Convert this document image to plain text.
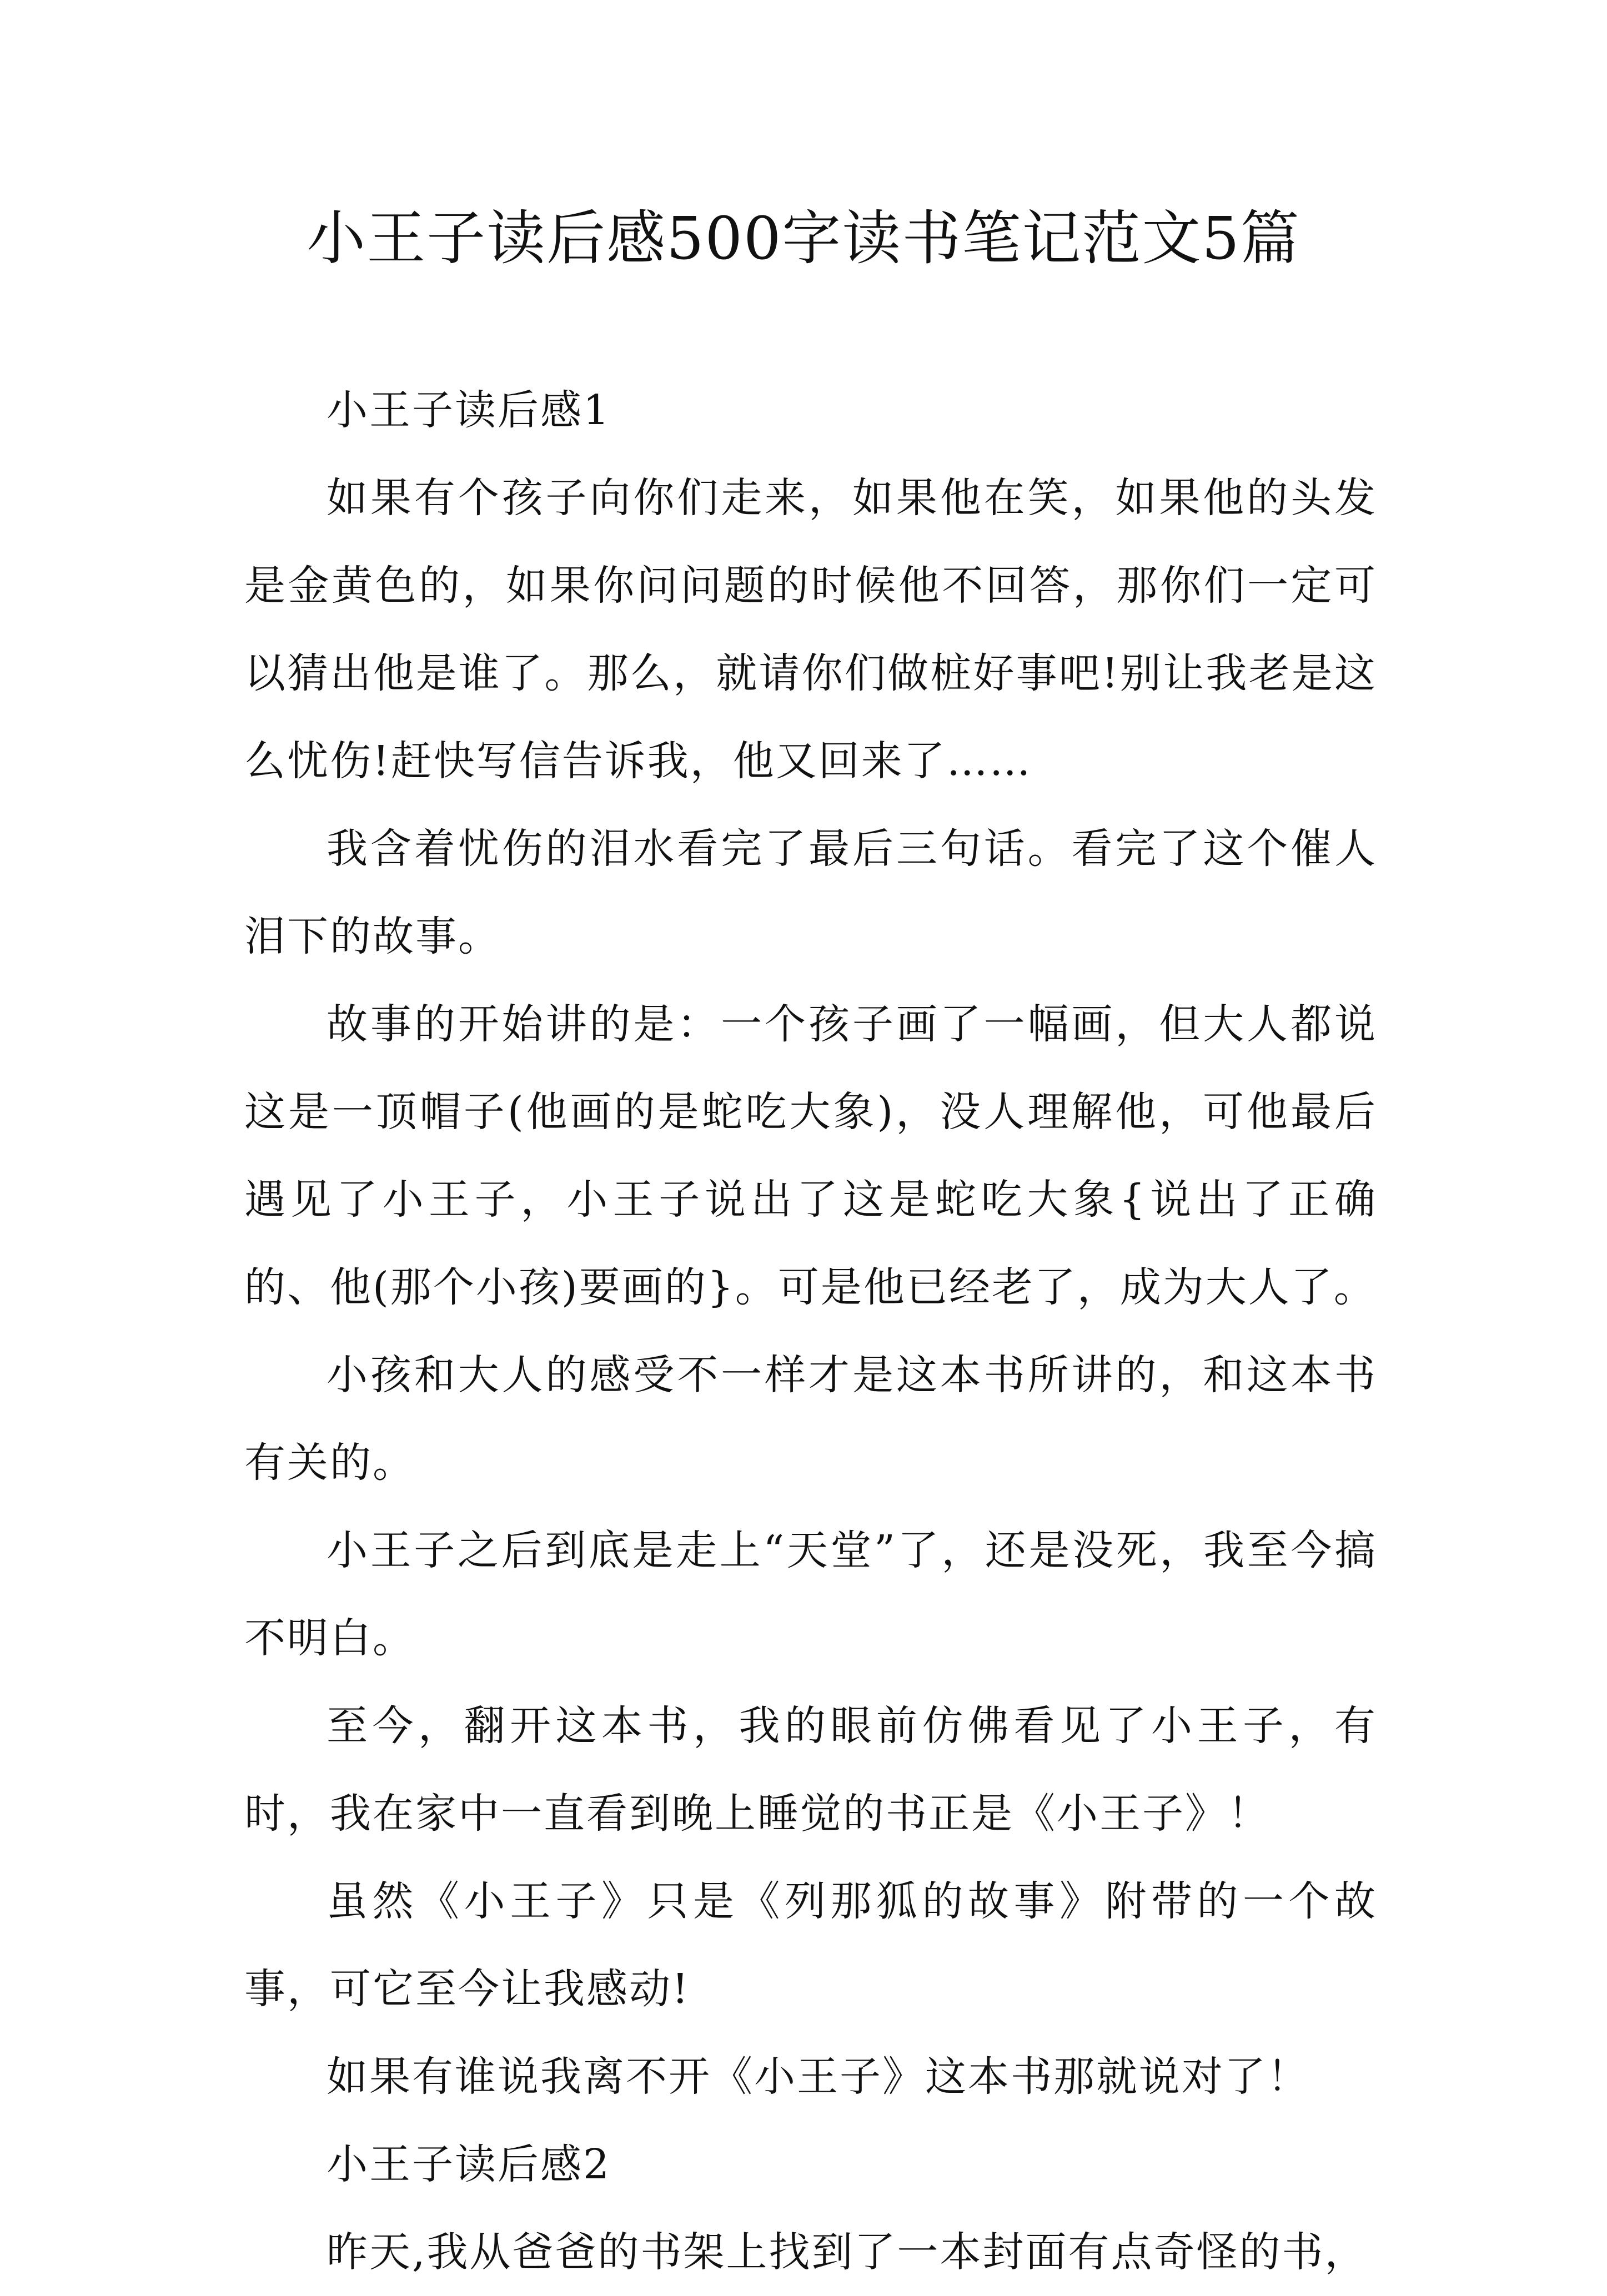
小王子读后感500字读书笔记范文5篇

小王子读后感1

如果有个孩子向你们走来，如果他在笑，如果他的头发是金黄色的，如果你问问题的时候他不回答，那你们一定可以猜出他是谁了。那么，就请你们做桩好事吧!别让我老是这么忧伤!赶快写信告诉我，他又回来了……

我含着忧伤的泪水看完了最后三句话。看完了这个催人泪下的故事。

故事的开始讲的是：一个孩子画了一幅画，但大人都说这是一顶帽子(他画的是蛇吃大象)，没人理解他，可他最后遇见了小王子，小王子说出了这是蛇吃大象{说出了正确的、他(那个小孩)要画的}。可是他已经老了，成为大人了。

小孩和大人的感受不一样才是这本书所讲的，和这本书有关的。

小王子之后到底是走上“天堂”了，还是没死，我至今搞不明白。

至今，翻开这本书，我的眼前仿佛看见了小王子，有时，我在家中一直看到晚上睡觉的书正是《小王子》！

虽然《小王子》只是《列那狐的故事》附带的一个故事，可它至今让我感动!

如果有谁说我离不开《小王子》这本书那就说对了！

小王子读后感2

昨天,我从爸爸的书架上找到了一本封面有点奇怪的书，
